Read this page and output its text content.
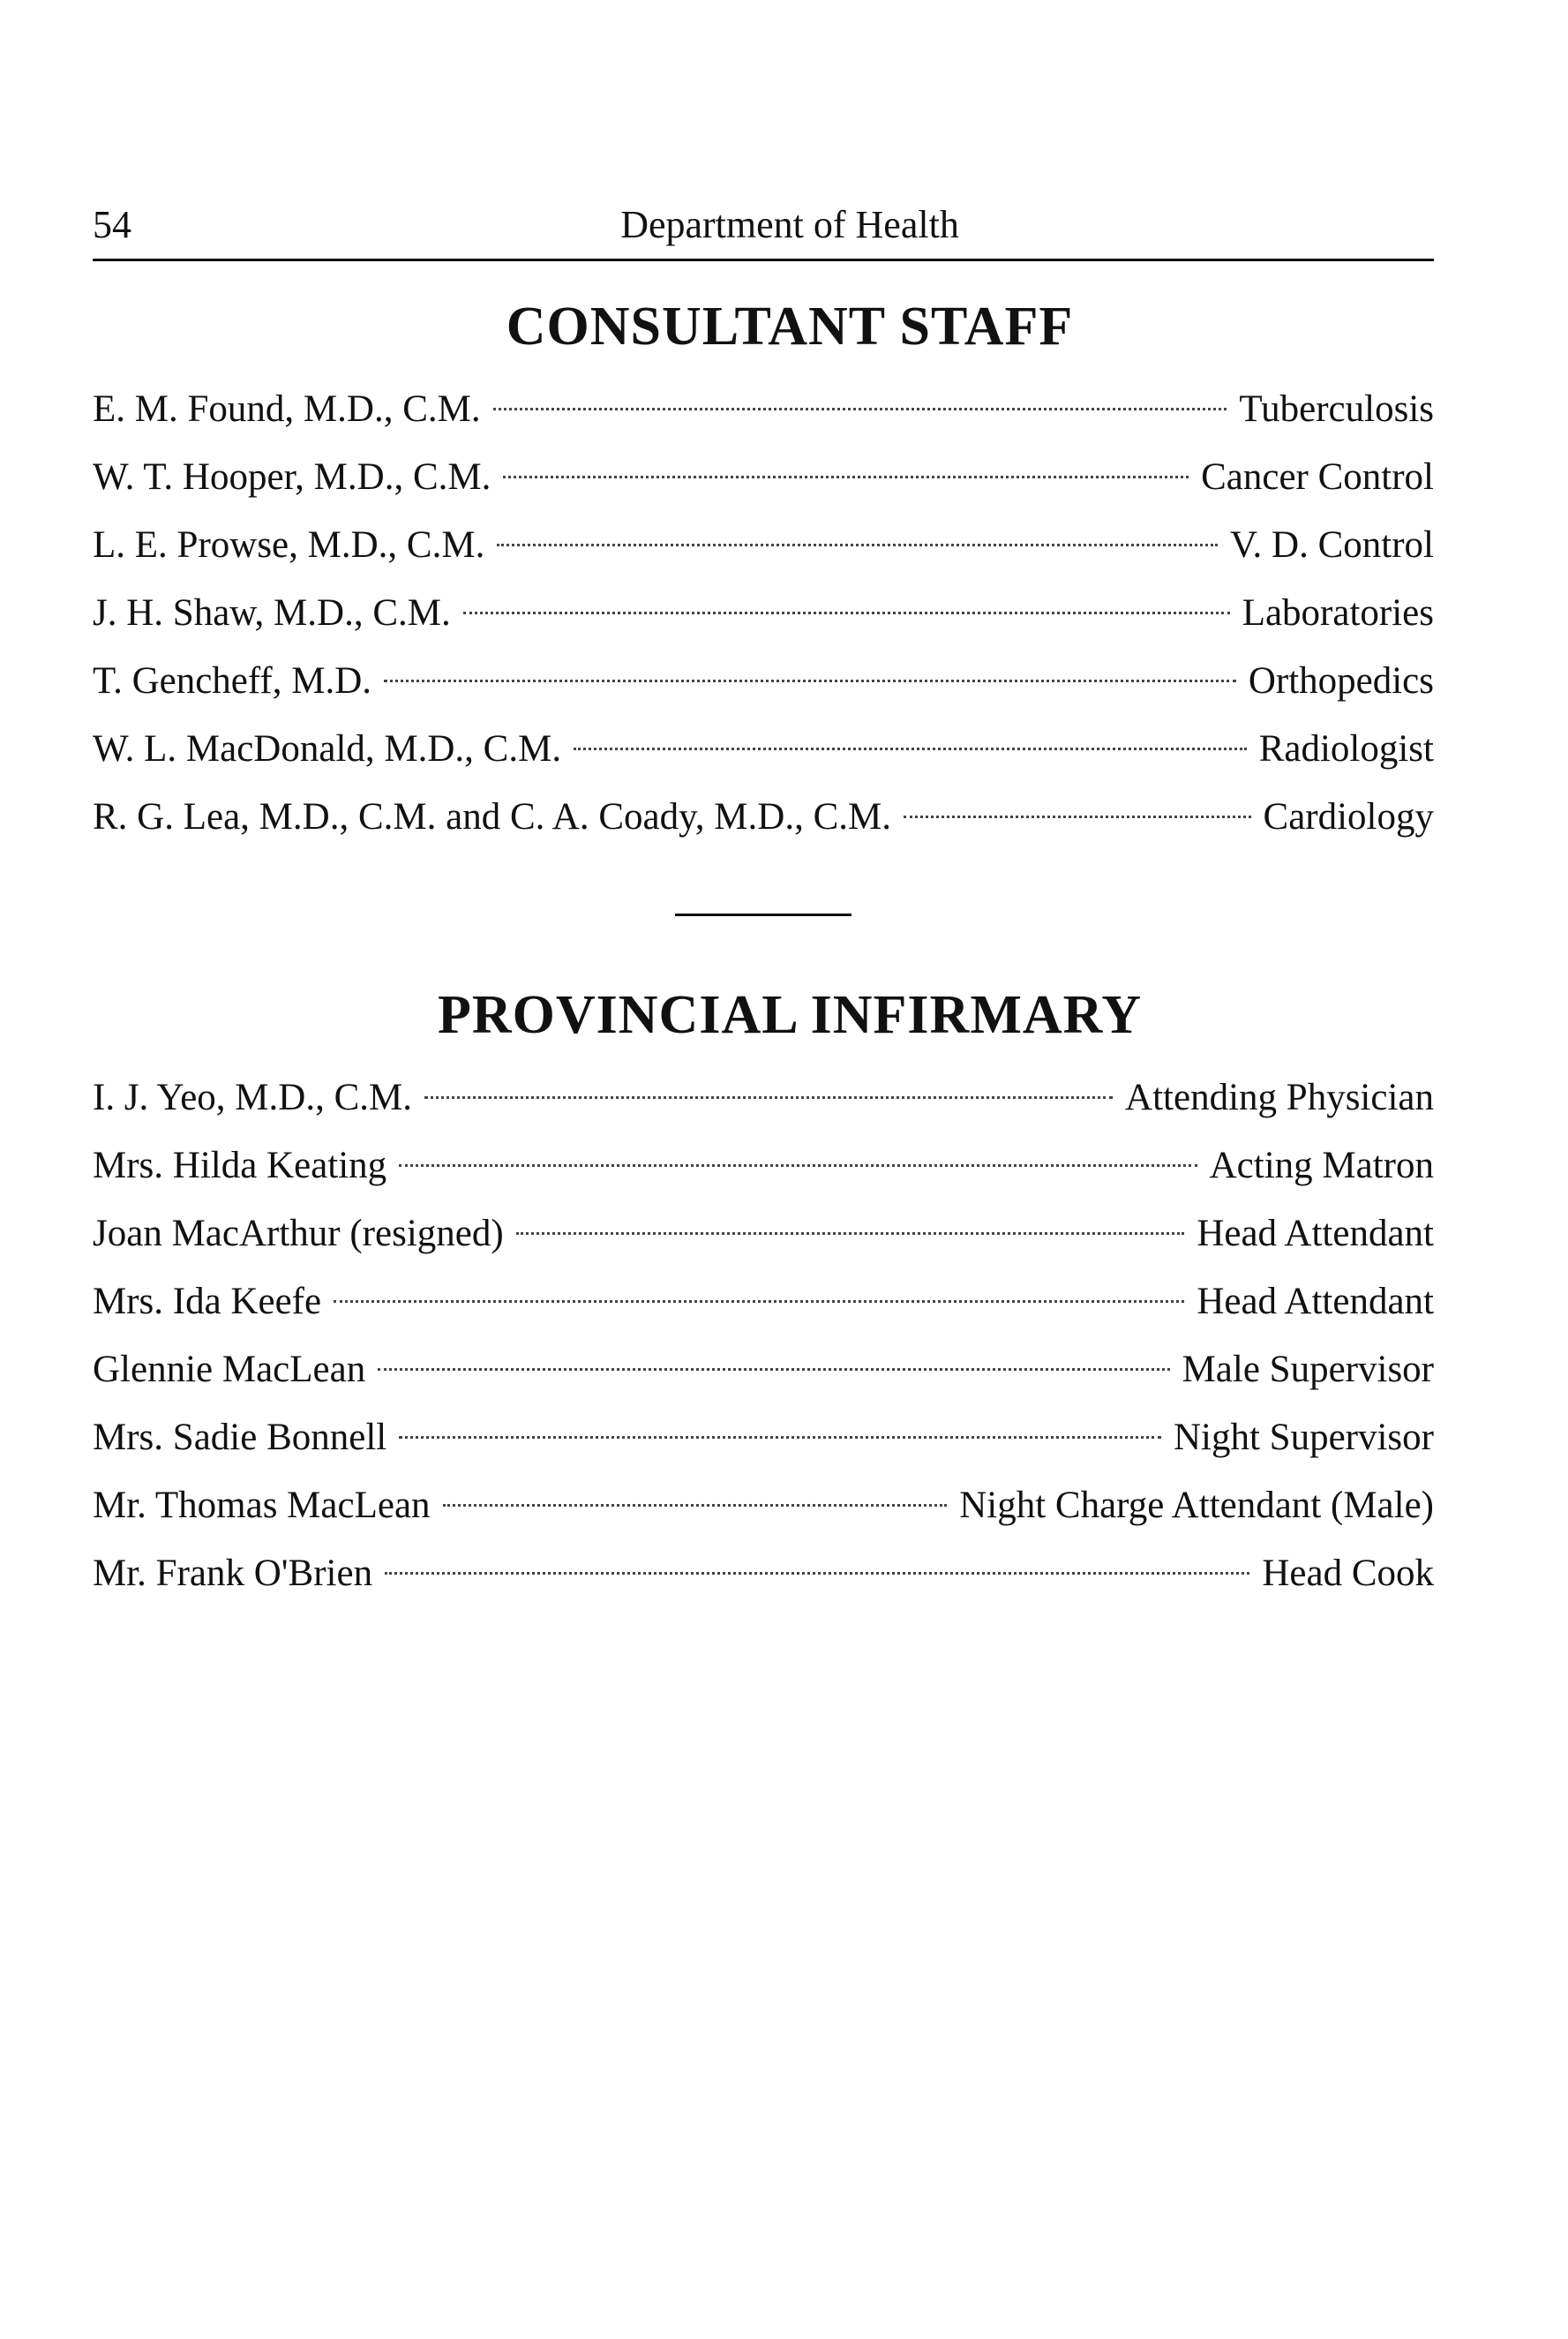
54	Department of Health
CONSULTANT STAFF
E. M. Found, M.D., C.M.	Tuberculosis
W. T. Hooper, M.D., C.M.	Cancer Control
L. E. Prowse, M.D., C.M.	V. D. Control
J. H. Shaw, M.D., C.M.	Laboratories
T. Gencheff, M.D.	Orthopedics
W. L. MacDonald, M.D., C.M.	Radiologist
R. G. Lea, M.D., C.M. and C. A. Coady, M.D., C.M.	Cardiology
PROVINCIAL INFIRMARY
I. J. Yeo, M.D., C.M.	Attending Physician
Mrs. Hilda Keating	Acting Matron
Joan MacArthur (resigned)	Head Attendant
Mrs. Ida Keefe	Head Attendant
Glennie MacLean	Male Supervisor
Mrs. Sadie Bonnell	Night Supervisor
Mr. Thomas MacLean	Night Charge Attendant (Male)
Mr. Frank O'Brien	Head Cook
